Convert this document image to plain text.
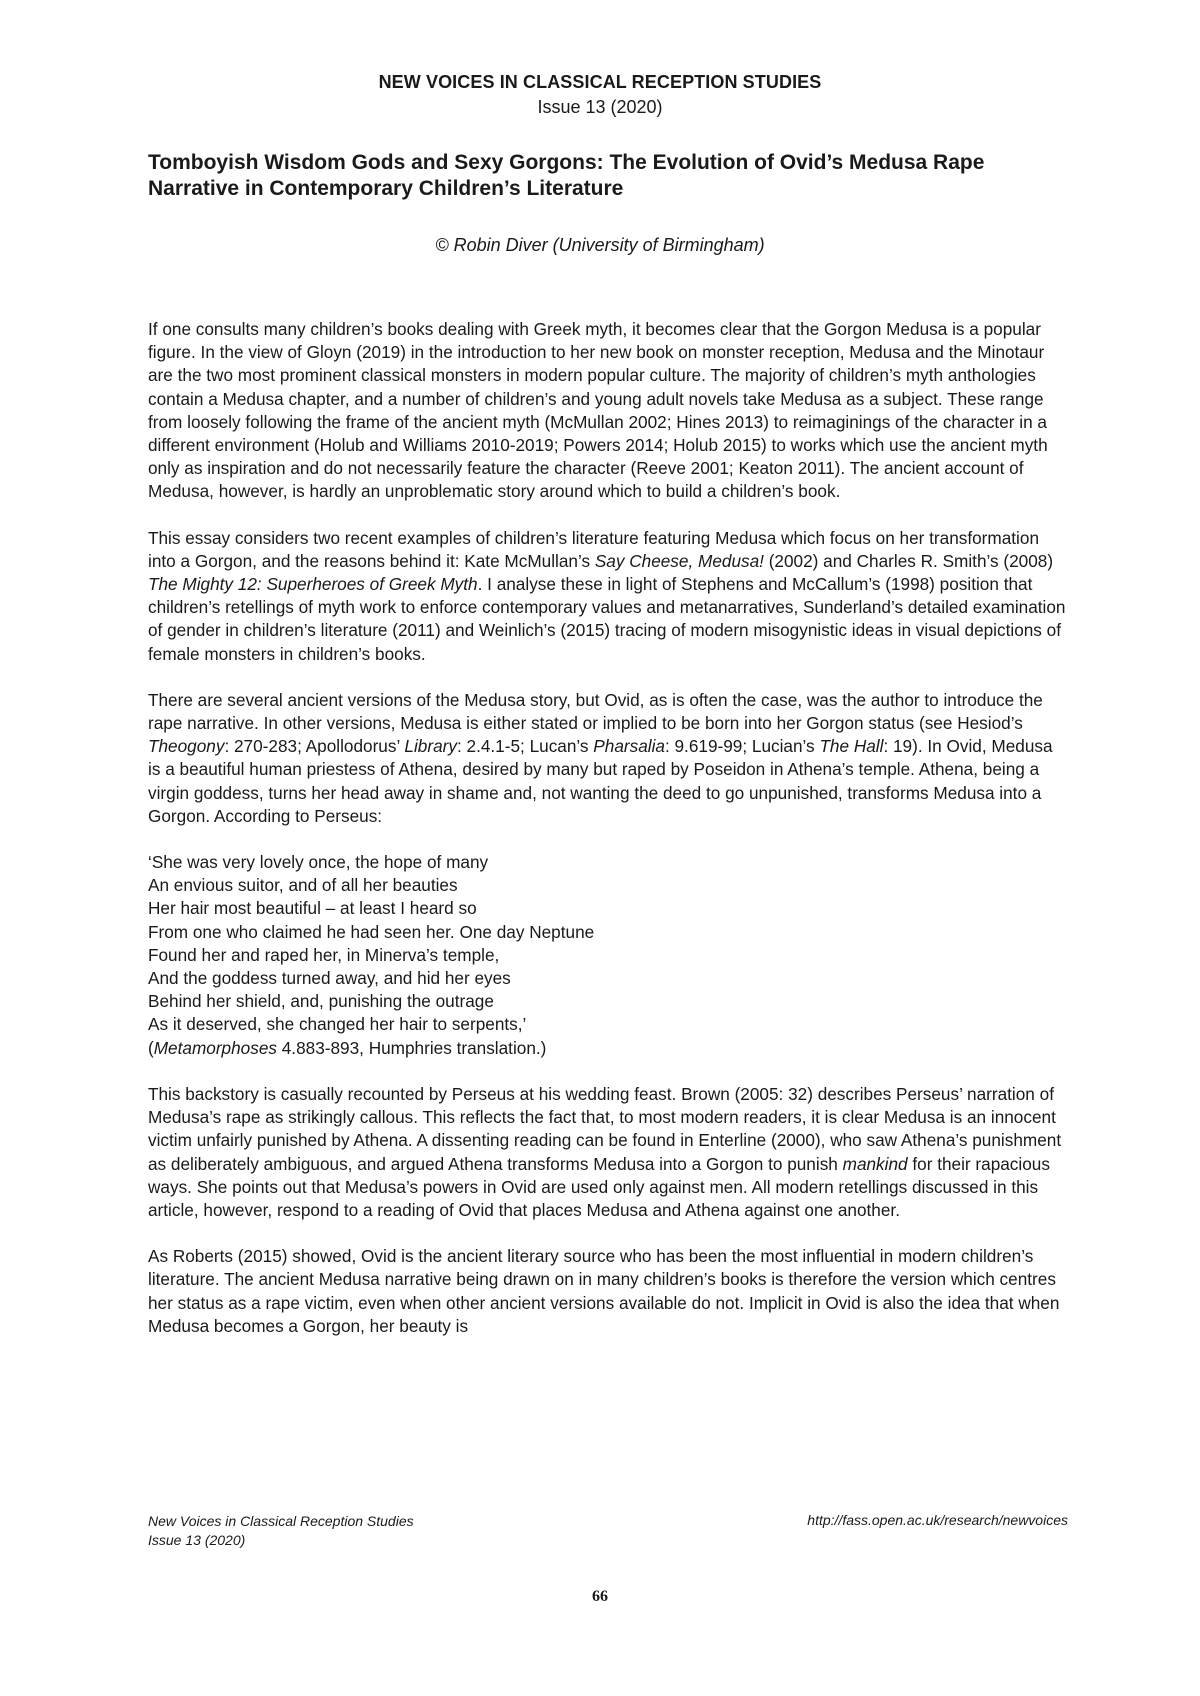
NEW VOICES IN CLASSICAL RECEPTION STUDIES
Issue 13 (2020)
Tomboyish Wisdom Gods and Sexy Gorgons: The Evolution of Ovid’s Medusa Rape Narrative in Contemporary Children’s Literature
© Robin Diver (University of Birmingham)

If one consults many children’s books dealing with Greek myth, it becomes clear that the Gorgon Medusa is a popular figure. In the view of Gloyn (2019) in the introduction to her new book on monster reception, Medusa and the Minotaur are the two most prominent classical monsters in modern popular culture. The majority of children’s myth anthologies contain a Medusa chapter, and a number of children’s and young adult novels take Medusa as a subject. These range from loosely following the frame of the ancient myth (McMullan 2002; Hines 2013) to reimaginings of the character in a different environment (Holub and Williams 2010-2019; Powers 2014; Holub 2015) to works which use the ancient myth only as inspiration and do not necessarily feature the character (Reeve 2001; Keaton 2011). The ancient account of Medusa, however, is hardly an unproblematic story around which to build a children’s book.

This essay considers two recent examples of children’s literature featuring Medusa which focus on her transformation into a Gorgon, and the reasons behind it: Kate McMullan’s Say Cheese, Medusa! (2002) and Charles R. Smith’s (2008) The Mighty 12: Superheroes of Greek Myth. I analyse these in light of Stephens and McCallum’s (1998) position that children’s retellings of myth work to enforce contemporary values and metanarratives, Sunderland’s detailed examination of gender in children’s literature (2011) and Weinlich’s (2015) tracing of modern misogynistic ideas in visual depictions of female monsters in children’s books.

There are several ancient versions of the Medusa story, but Ovid, as is often the case, was the author to introduce the rape narrative. In other versions, Medusa is either stated or implied to be born into her Gorgon status (see Hesiod’s Theogony: 270-283; Apollodorus’ Library: 2.4.1-5; Lucan’s Pharsalia: 9.619-99; Lucian’s The Hall: 19). In Ovid, Medusa is a beautiful human priestess of Athena, desired by many but raped by Poseidon in Athena’s temple. Athena, being a virgin goddess, turns her head away in shame and, not wanting the deed to go unpunished, transforms Medusa into a Gorgon. According to Perseus:

‘She was very lovely once, the hope of many
An envious suitor, and of all her beauties
Her hair most beautiful – at least I heard so
From one who claimed he had seen her. One day Neptune
Found her and raped her, in Minerva’s temple,
And the goddess turned away, and hid her eyes
Behind her shield, and, punishing the outrage
As it deserved, she changed her hair to serpents,’
(Metamorphoses 4.883-893, Humphries translation.)

This backstory is casually recounted by Perseus at his wedding feast. Brown (2005: 32) describes Perseus’ narration of Medusa’s rape as strikingly callous. This reflects the fact that, to most modern readers, it is clear Medusa is an innocent victim unfairly punished by Athena. A dissenting reading can be found in Enterline (2000), who saw Athena’s punishment as deliberately ambiguous, and argued Athena transforms Medusa into a Gorgon to punish mankind for their rapacious ways. She points out that Medusa’s powers in Ovid are used only against men. All modern retellings discussed in this article, however, respond to a reading of Ovid that places Medusa and Athena against one another.

As Roberts (2015) showed, Ovid is the ancient literary source who has been the most influential in modern children’s literature. The ancient Medusa narrative being drawn on in many children’s books is therefore the version which centres her status as a rape victim, even when other ancient versions available do not. Implicit in Ovid is also the idea that when Medusa becomes a Gorgon, her beauty is

New Voices in Classical Reception Studies
Issue 13 (2020)
http://fass.open.ac.uk/research/newvoices
66
